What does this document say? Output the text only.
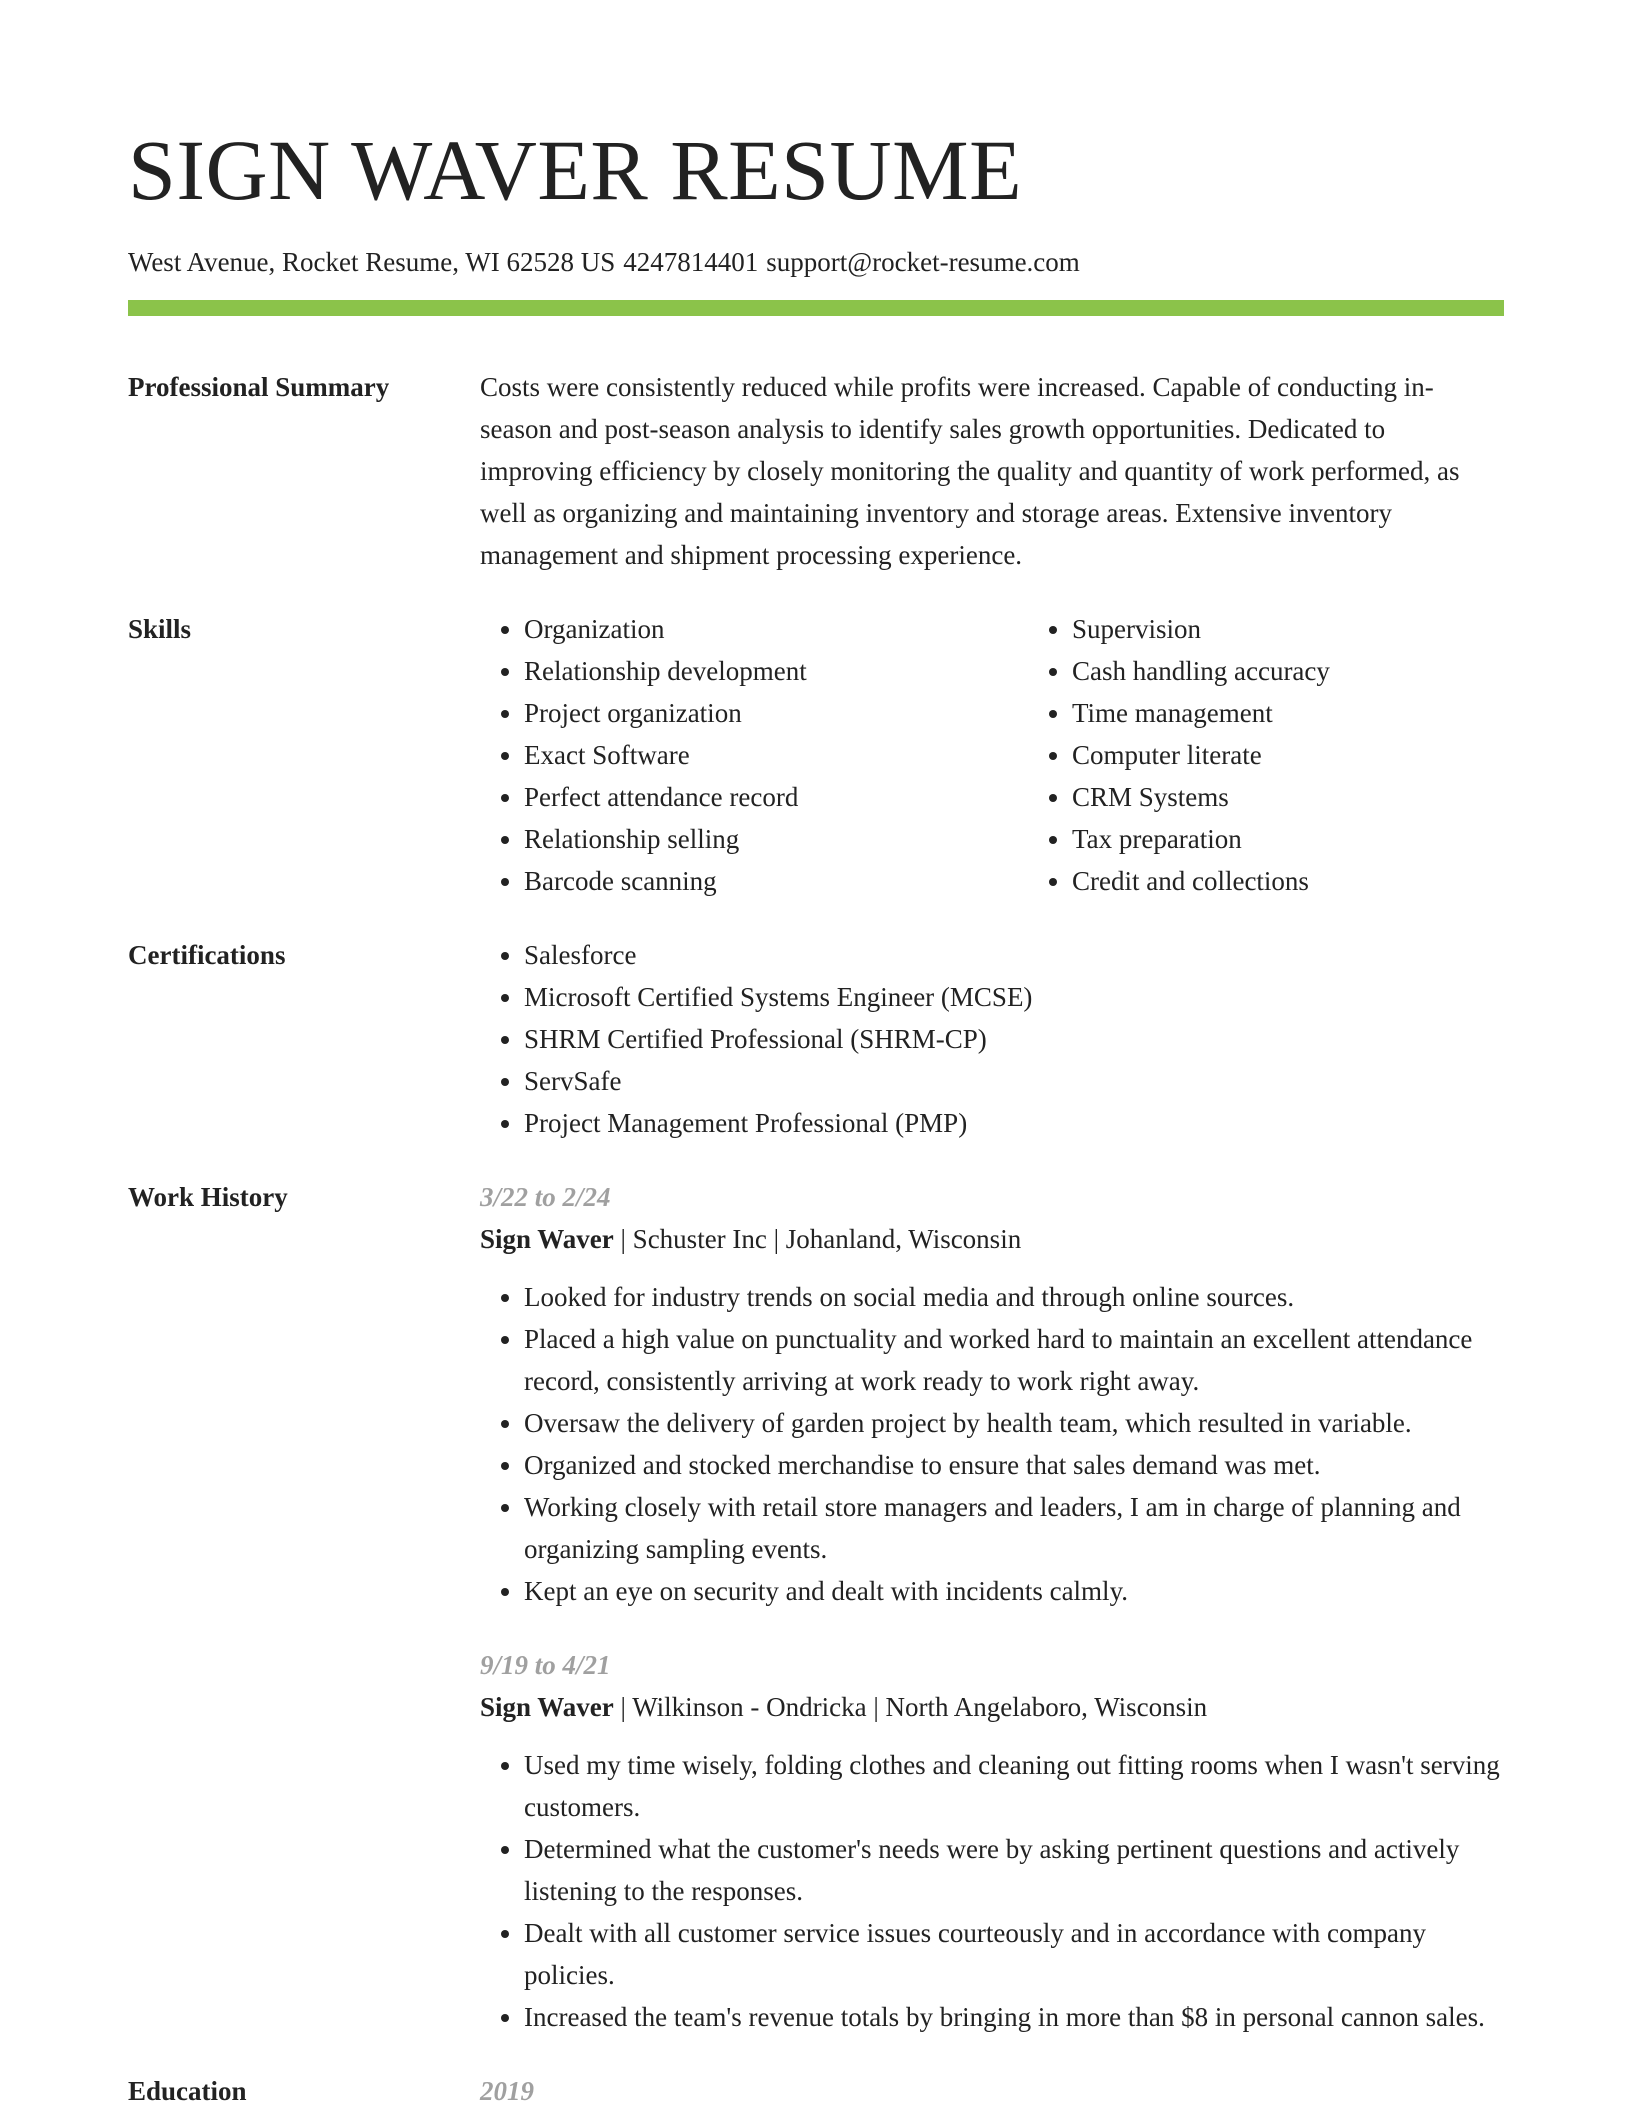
SIGN WAVER RESUME
West Avenue, Rocket Resume, WI 62528 US 4247814401 support@rocket-resume.com
Professional Summary	Costs were consistently reduced while profits were increased. Capable of conducting in-season and post-season analysis to identify sales growth opportunities. Dedicated to improving efficiency by closely monitoring the quality and quantity of work performed, as well as organizing and maintaining inventory and storage areas. Extensive inventory management and shipment processing experience.
Skills	• Organization
• Relationship development
• Project organization
• Exact Software
• Perfect attendance record
• Relationship selling
• Barcode scanning
• Supervision
• Cash handling accuracy
• Time management
• Computer literate
• CRM Systems
• Tax preparation
• Credit and collections
Certifications	• Salesforce
• Microsoft Certified Systems Engineer (MCSE)
• SHRM Certified Professional (SHRM-CP)
• ServSafe
• Project Management Professional (PMP)
Work History	3/22 to 2/24
Sign Waver | Schuster Inc | Johanland, Wisconsin
• Looked for industry trends on social media and through online sources.
• Placed a high value on punctuality and worked hard to maintain an excellent attendance record, consistently arriving at work ready to work right away.
• Oversaw the delivery of garden project by health team, which resulted in variable.
• Organized and stocked merchandise to ensure that sales demand was met.
• Working closely with retail store managers and leaders, I am in charge of planning and organizing sampling events.
• Kept an eye on security and dealt with incidents calmly.
9/19 to 4/21
Sign Waver | Wilkinson - Ondricka | North Angelaboro, Wisconsin
• Used my time wisely, folding clothes and cleaning out fitting rooms when I wasn't serving customers.
• Determined what the customer's needs were by asking pertinent questions and actively listening to the responses.
• Dealt with all customer service issues courteously and in accordance with company policies.
• Increased the team's revenue totals by bringing in more than $8 in personal cannon sales.
Education	2019
